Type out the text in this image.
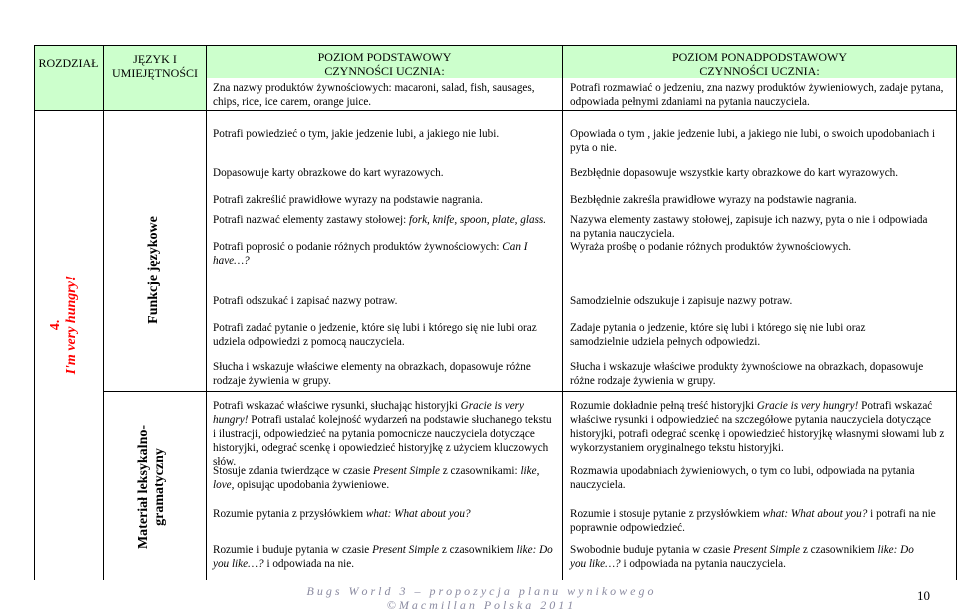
ROZDZIAŁ	JĘZYK I UMIEJĘTNOŚCI
POZIOM PODSTAWOWY
CZYNNOŚCI UCZNIA:
Zna nazwy produktów żywnościowych: macaroni, salad, fish, sausages, chips, rice, ice carem, orange juice.
POZIOM PONADPODSTAWOWY
CZYNNOŚCI UCZNIA:
Potrafi rozmawiać o jedzeniu, zna nazwy produktów żywieniowych, zadaje pytana, odpowiada pełnymi zdaniami na pytania nauczyciela.
4. I'm very hungry!
Funkcje językowe
Materiał leksykalno-gramatyczny
Potrafi powiedzieć o tym, jakie jedzenie lubi, a jakiego nie lubi.
Dopasowuje karty obrazkowe do kart wyrazowych.
Potrafi zakreślić prawidłowe wyrazy na podstawie nagrania.
Potrafi nazwać elementy zastawy stołowej: fork, knife, spoon, plate, glass.
Potrafi poprosić o podanie różnych produktów żywnościowych: Can I have…?
Potrafi odszukać i zapisać nazwy potraw.
Potrafi zadać pytanie o jedzenie, które się lubi i którego się nie lubi oraz udziela odpowiedzi z pomocą nauczyciela.
Słucha i wskazuje właściwe elementy na obrazkach, dopasowuje różne rodzaje żywienia w grupy.
Potrafi wskazać właściwe rysunki, słuchając historyjki Gracie is very hungry! Potrafi ustalać kolejność wydarzeń na podstawie słuchanego tekstu i ilustracji, odpowiedzieć na pytania pomocnicze nauczyciela dotyczące historyjki, odegrać scenkę i opowiedzieć historyjkę z użyciem kluczowych słów.
Stosuje zdania twierdzące w czasie Present Simple z czasownikami: like, love, opisując upodobania żywieniowe.
Rozumie pytania z przysłówkiem what: What about you?
Rozumie i buduje pytania w czasie Present Simple z czasownikiem like: Do you like…? i odpowiada na nie.
Opowiada o tym , jakie jedzenie lubi, a jakiego nie lubi, o swoich upodobaniach i pyta o nie.
Bezbłędnie dopasowuje wszystkie karty obrazkowe do kart wyrazowych.
Bezbłędnie zakreśla prawidłowe wyrazy na podstawie nagrania.
Nazywa elementy zastawy stołowej, zapisuje ich nazwy, pyta o nie i odpowiada na pytania nauczyciela.
Wyraża prośbę o podanie różnych produktów żywnościowych.
Samodzielnie odszukuje i zapisuje nazwy potraw.
Zadaje pytania o jedzenie, które się lubi i którego się nie lubi oraz samodzielnie udziela pełnych odpowiedzi.
Słucha i wskazuje właściwe produkty żywnościowe na obrazkach, dopasowuje różne rodzaje żywienia w grupy.
Rozumie dokładnie pełną treść historyjki Gracie is very hungry! Potrafi wskazać właściwe rysunki i odpowiedzieć na szczegółowe pytania nauczyciela dotyczące historyjki, potrafi odegrać scenkę i opowiedzieć historyjkę własnymi słowami lub z wykorzystaniem oryginalnego tekstu historyjki.
Rozmawia upodabniach żywieniowych, o tym co lubi, odpowiada na pytania nauczyciela.
Rozumie i stosuje pytanie z przysłówkiem what: What about you? i potrafi na nie poprawnie odpowiedzieć.
Swobodnie buduje pytania w czasie Present Simple z czasownikiem like: Do you like…? i odpowiada na pytania nauczyciela.
B u g s   W o r l d   3   –   p r o p o z y c j a   p l a n u   w y n i k o w e g o
© M a c m i l l a n   P o l s k a   2 0 1 1
10
